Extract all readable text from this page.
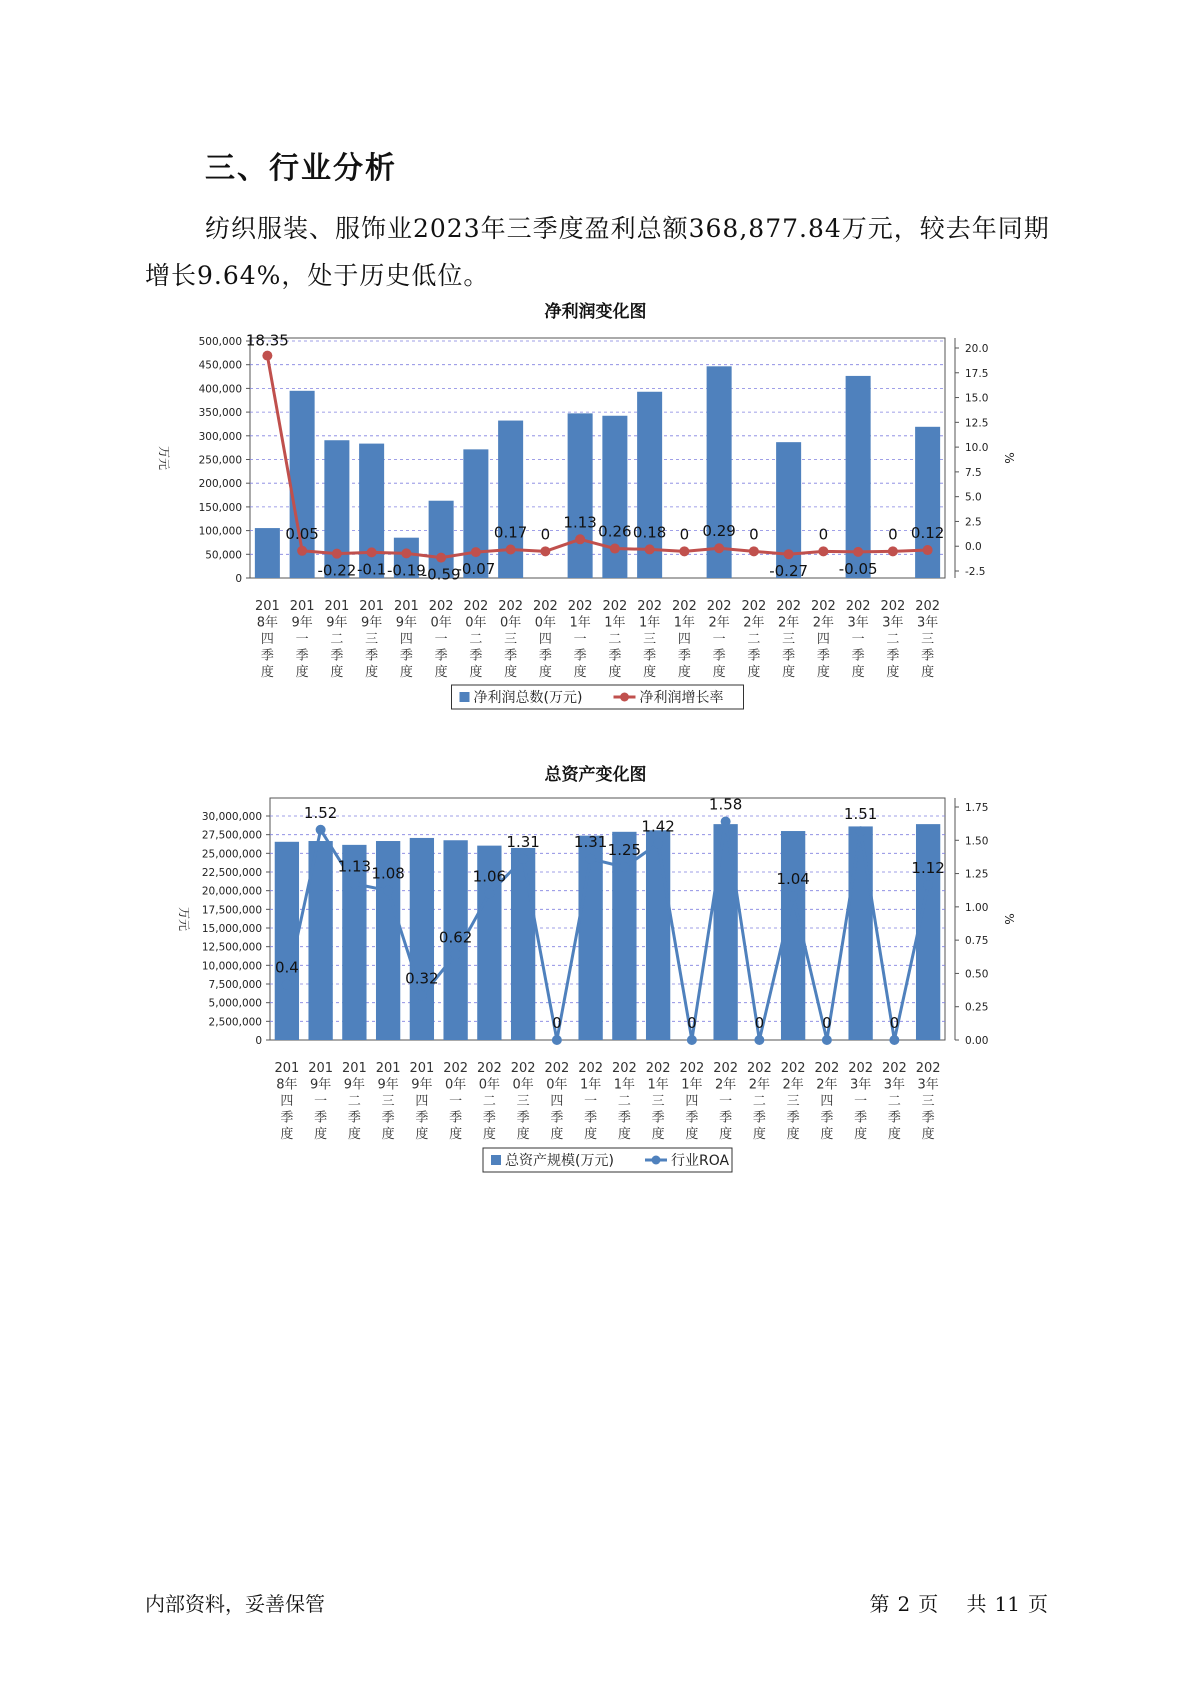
三、行业分析

纺织服装、服饰业2023年三季度盈利总额368,877.84万元，较去年同期增长9.64%，处于历史低位。

净利润变化图
500,000
450,000
400,000
350,000
300,000
250,000
200,000
150,000
100,000
50,000
0
20.0
17.5
15.0
12.5
10.0
7.5
5.0
2.5
0.0
-2.5
万元	%
18.35
0.05
-0.22 -0.1 -0.19
-0.59
-0.07
0.17 0
1.13
0.26 0.18 0 0.29 0
-0.27
0
-0.05
0 0.12
201 8年四季度
201 9年一季度
201 9年二季度
201 9年三季度
201 9年四季度
202 0年一季度
202 0年二季度
202 0年三季度
202 0年四季度
202 1年一季度
202 1年二季度
202 1年三季度
202 1年四季度
202 2年一季度
202 2年二季度
202 2年三季度
202 2年四季度
202 3年一季度
202 3年二季度
202 3年三季度
净利润总数(万元)	净利润增长率
总资产变化图
30,000,000
27,500,000
25,000,000
22,500,000
20,000,000
17,500,000
15,000,000
12,500,000
10,000,000
7,500,000
5,000,000
2,500,000
0
1.75
1.50
1.25
1.00
0.75
0.50
0.25
0.00
万元	%
0.4
1.52
1.13 1.08
0.32
0.62
1.06
1.31
0
1.31 1.25
1.42
0
1.58
0
1.04
0
1.51
0
1.12
201 8年四季度
201 9年一季度
201 9年二季度
201 9年三季度
201 9年四季度
202 0年一季度
202 0年二季度
202 0年三季度
202 0年四季度
202 1年一季度
202 1年二季度
202 1年三季度
202 1年四季度
202 2年一季度
202 2年二季度
202 2年三季度
202 2年四季度
202 3年一季度
202 3年二季度
202 3年三季度
总资产规模(万元)	行业ROA
内部资料，妥善保管	第 2 页 共 11 页
